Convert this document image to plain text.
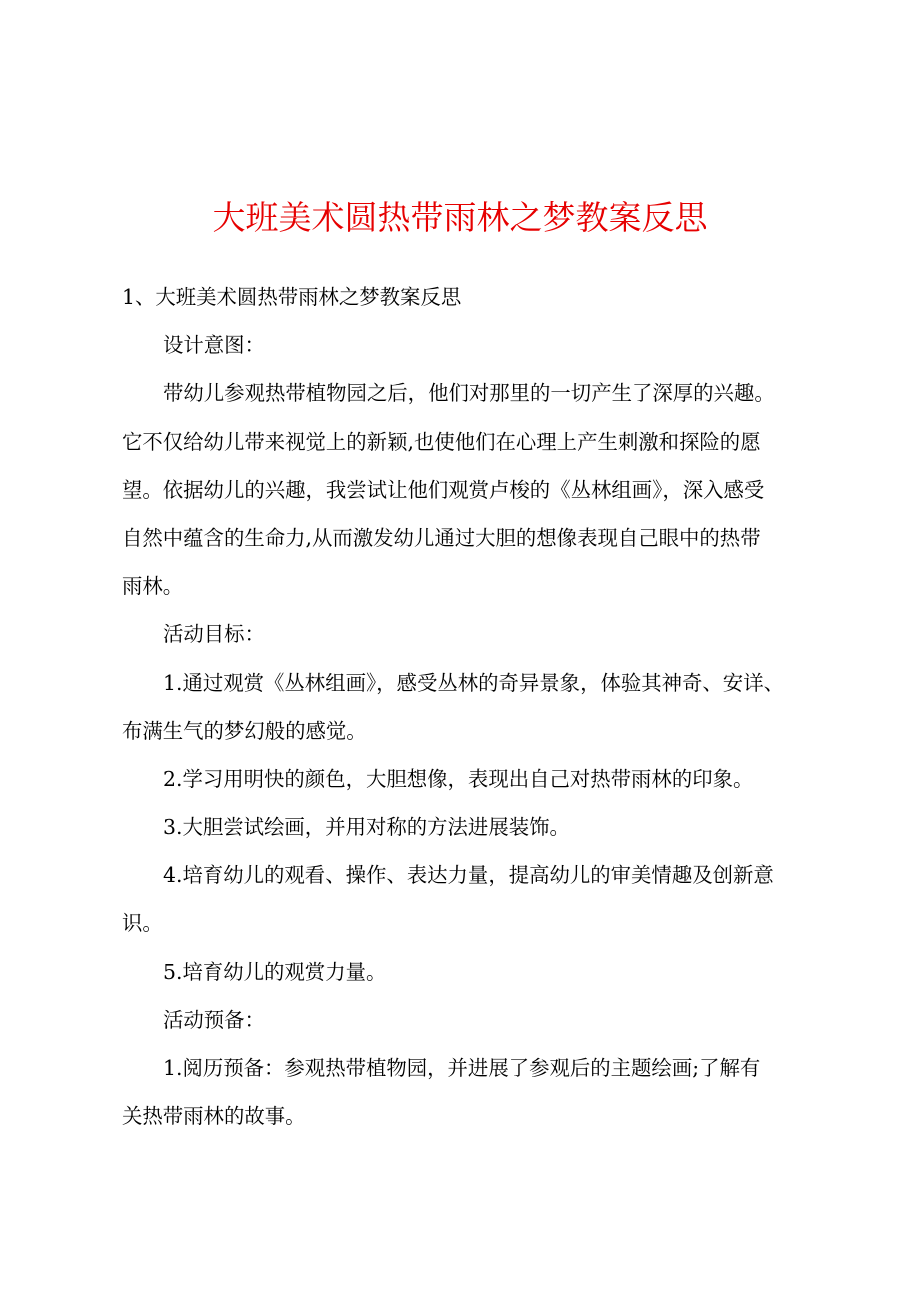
大班美术圆热带雨林之梦教案反思
1、大班美术圆热带雨林之梦教案反思
设计意图：
带幼儿参观热带植物园之后，他们对那里的一切产生了深厚的兴趣。
它不仅给幼儿带来视觉上的新颖,也使他们在心理上产生刺激和探险的愿
望。依据幼儿的兴趣，我尝试让他们观赏卢梭的《丛林组画》，深入感受
自然中蕴含的生命力,从而激发幼儿通过大胆的想像表现自己眼中的热带
雨林。
活动目标：
1.通过观赏《丛林组画》，感受丛林的奇异景象，体验其神奇、安详、
布满生气的梦幻般的感觉。
2.学习用明快的颜色，大胆想像，表现出自己对热带雨林的印象。
3.大胆尝试绘画，并用对称的方法进展装饰。
4.培育幼儿的观看、操作、表达力量，提高幼儿的审美情趣及创新意
识。
5.培育幼儿的观赏力量。
活动预备：
1.阅历预备：参观热带植物园，并进展了参观后的主题绘画;了解有
关热带雨林的故事。
